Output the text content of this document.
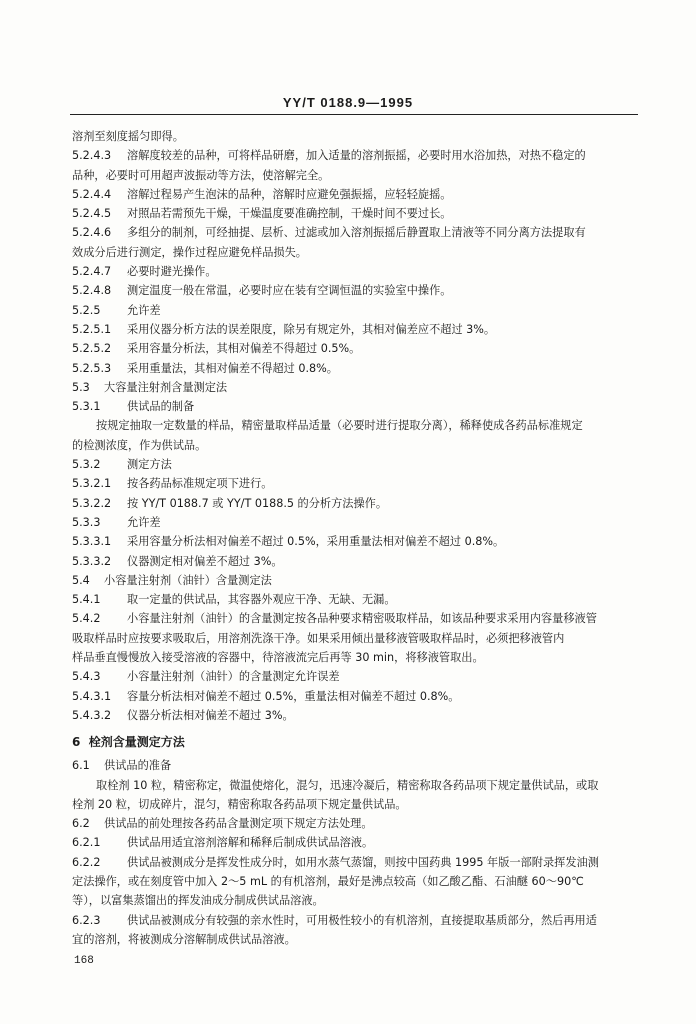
YY/T 0188.9—1995
溶剂至刻度摇匀即得。
5.2.4.3 溶解度较差的品种，可将样品研磨，加入适量的溶剂振摇，必要时用水浴加热，对热不稳定的
品种，必要时可用超声波振动等方法，使溶解完全。
5.2.4.4 溶解过程易产生泡沫的品种，溶解时应避免强振摇，应轻轻旋摇。
5.2.4.5 对照品若需预先干燥，干燥温度要准确控制，干燥时间不要过长。
5.2.4.6 多组分的制剂，可经抽提、层析、过滤或加入溶剂振摇后静置取上清液等不同分离方法提取有
效成分后进行测定，操作过程应避免样品损失。
5.2.4.7 必要时避光操作。
5.2.4.8 测定温度一般在常温，必要时应在装有空调恒温的实验室中操作。
5.2.5 允许差
5.2.5.1 采用仪器分析方法的误差限度，除另有规定外，其相对偏差应不超过 3%。
5.2.5.2 采用容量分析法，其相对偏差不得超过 0.5%。
5.2.5.3 采用重量法，其相对偏差不得超过 0.8%。
5.3 大容量注射剂含量测定法
5.3.1 供试品的制备
按规定抽取一定数量的样品，精密量取样品适量（必要时进行提取分离），稀释使成各药品标准规定
的检测浓度，作为供试品。
5.3.2 测定方法
5.3.2.1 按各药品标准规定项下进行。
5.3.2.2 按 YY/T 0188.7 或 YY/T 0188.5 的分析方法操作。
5.3.3 允许差
5.3.3.1 采用容量分析法相对偏差不超过 0.5%，采用重量法相对偏差不超过 0.8%。
5.3.3.2 仪器测定相对偏差不超过 3%。
5.4 小容量注射剂（油针）含量测定法
5.4.1 取一定量的供试品，其容器外观应干净、无缺、无漏。
5.4.2 小容量注射剂（油针）的含量测定按各品种要求精密吸取样品，如该品种要求采用内容量移液管
吸取样品时应按要求吸取后，用溶剂洗涤干净。如果采用倾出量移液管吸取样品时，必须把移液管内
样品垂直慢慢放入接受溶液的容器中，待溶液流完后再等 30 min，将移液管取出。
5.4.3 小容量注射剂（油针）的含量测定允许误差
5.4.3.1 容量分析法相对偏差不超过 0.5%，重量法相对偏差不超过 0.8%。
5.4.3.2 仪器分析法相对偏差不超过 3%。
6 栓剂含量测定方法
6.1 供试品的准备
取栓剂 10 粒，精密称定，微温使熔化，混匀，迅速冷凝后，精密称取各药品项下规定量供试品，或取
栓剂 20 粒，切成碎片，混匀，精密称取各药品项下规定量供试品。
6.2 供试品的前处理按各药品含量测定项下规定方法处理。
6.2.1 供试品用适宜溶剂溶解和稀释后制成供试品溶液。
6.2.2 供试品被测成分是挥发性成分时，如用水蒸气蒸馏，则按中国药典 1995 年版一部附录挥发油测
定法操作，或在刻度管中加入 2～5 mL 的有机溶剂，最好是沸点较高（如乙酸乙酯、石油醚 60～90℃
等），以富集蒸馏出的挥发油成分制成供试品溶液。
6.2.3 供试品被测成分有较强的亲水性时，可用极性较小的有机溶剂，直接提取基质部分，然后再用适
宜的溶剂，将被测成分溶解制成供试品溶液。
168
